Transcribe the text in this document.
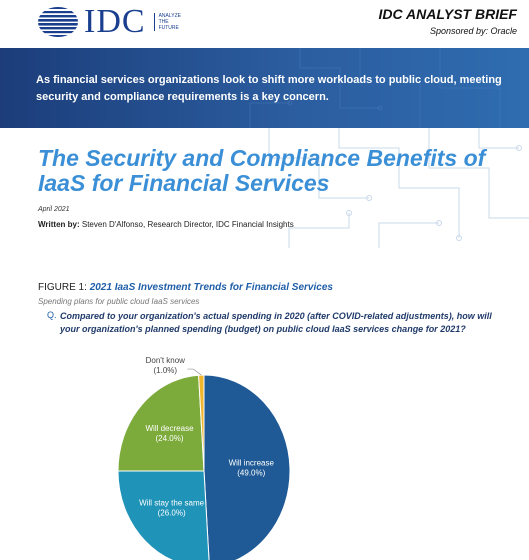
IDC	ANALYZE
THE
FUTURE
IDC ANALYST BRIEF
Sponsored by: Oracle
As financial services organizations look to shift more workloads to public cloud, meeting security and compliance requirements is a key concern.
The Security and Compliance Benefits of IaaS for Financial Services
April 2021
Written by: Steven D'Alfonso, Research Director, IDC Financial Insights
FIGURE 1: 2021 IaaS Investment Trends for Financial Services
Spending plans for public cloud IaaS services
Q. Compared to your organization's actual spending in 2020 (after COVID-related adjustments), how will your organization's planned spending (budget) on public cloud IaaS services change for 2021?
Will increase
(49.0%)
Will stay the same
(26.0%)
Will decrease
(24.0%)
Don't know
(1.0%)
